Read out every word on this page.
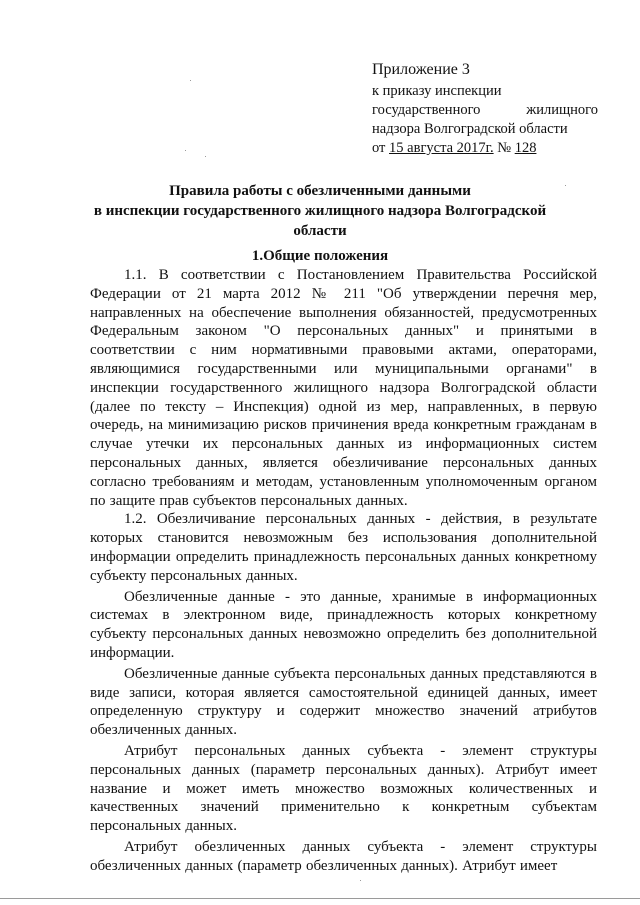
Приложение 3
к приказу инспекции
государственного	жилищного
надзора Волгоградской области
от 15 августа 2017г. № 128
Правила работы с обезличенными данными
в инспекции государственного жилищного надзора Волгоградской
области
1.Общие положения

1.1. В соответствии с Постановлением Правительства Российской Федерации от 21 марта 2012 № 211 "Об утверждении перечня мер, направленных на обеспечение выполнения обязанностей, предусмотренных Федеральным законом "О персональных данных" и принятыми в соответствии с ним нормативными правовыми актами, операторами, являющимися государственными или муниципальными органами" в инспекции государственного жилищного надзора Волгоградской области (далее по тексту – Инспекция) одной из мер, направленных, в первую очередь, на минимизацию рисков причинения вреда конкретным гражданам в случае утечки их персональных данных из информационных систем персональных данных, является обезличивание персональных данных согласно требованиям и методам, установленным уполномоченным органом по защите прав субъектов персональных данных.

1.2. Обезличивание персональных данных - действия, в результате которых становится невозможным без использования дополнительной информации определить принадлежность персональных данных конкретному субъекту персональных данных.

Обезличенные данные - это данные, хранимые в информационных системах в электронном виде, принадлежность которых конкретному субъекту персональных данных невозможно определить без дополнительной информации.

Обезличенные данные субъекта персональных данных представляются в виде записи, которая является самостоятельной единицей данных, имеет определенную структуру и содержит множество значений атрибутов обезличенных данных.

Атрибут персональных данных субъекта - элемент структуры персональных данных (параметр персональных данных). Атрибут имеет название и может иметь множество возможных количественных и качественных значений применительно к конкретным субъектам персональных данных.

Атрибут обезличенных данных субъекта - элемент структуры обезличенных данных (параметр обезличенных данных). Атрибут имеет
